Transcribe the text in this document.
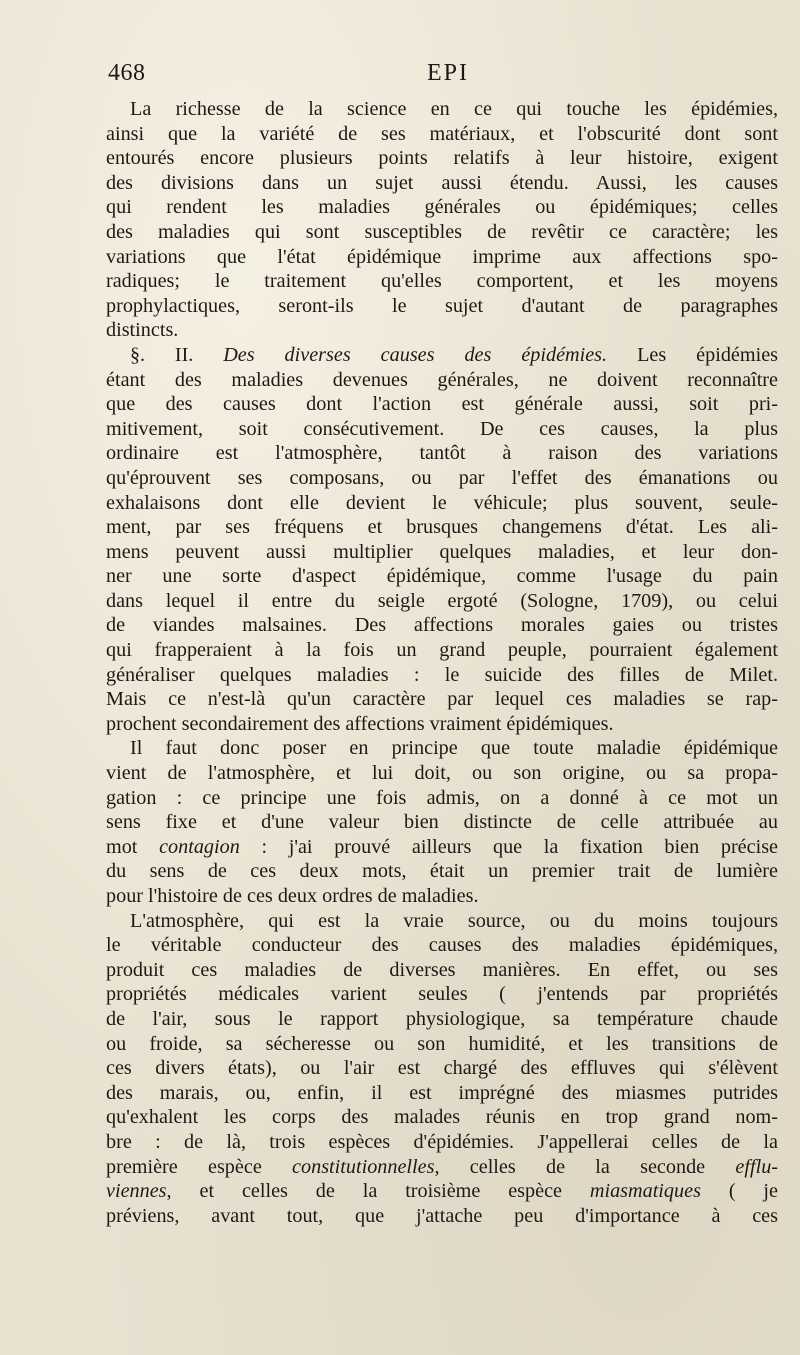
468	EPI
La richesse de la science en ce qui touche les épidémies,
ainsi que la variété de ses matériaux, et l'obscurité dont sont
entourés encore plusieurs points relatifs à leur histoire, exigent
des divisions dans un sujet aussi étendu. Aussi, les causes
qui rendent les maladies générales ou épidémiques; celles
des maladies qui sont susceptibles de revêtir ce caractère; les
variations que l'état épidémique imprime aux affections spo-
radiques; le traitement qu'elles comportent, et les moyens
prophylactiques, seront-ils le sujet d'autant de paragraphes
distincts.
§. II. Des diverses causes des épidémies. Les épidémies
étant des maladies devenues générales, ne doivent reconnaître
que des causes dont l'action est générale aussi, soit pri-
mitivement, soit consécutivement. De ces causes, la plus
ordinaire est l'atmosphère, tantôt à raison des variations
qu'éprouvent ses composans, ou par l'effet des émanations ou
exhalaisons dont elle devient le véhicule; plus souvent, seule-
ment, par ses fréquens et brusques changemens d'état. Les ali-
mens peuvent aussi multiplier quelques maladies, et leur don-
ner une sorte d'aspect épidémique, comme l'usage du pain
dans lequel il entre du seigle ergoté (Sologne, 1709), ou celui
de viandes malsaines. Des affections morales gaies ou tristes
qui frapperaient à la fois un grand peuple, pourraient également
généraliser quelques maladies : le suicide des filles de Milet.
Mais ce n'est-là qu'un caractère par lequel ces maladies se rap-
prochent secondairement des affections vraiment épidémiques.
Il faut donc poser en principe que toute maladie épidémique
vient de l'atmosphère, et lui doit, ou son origine, ou sa propa-
gation : ce principe une fois admis, on a donné à ce mot un
sens fixe et d'une valeur bien distincte de celle attribuée au
mot contagion : j'ai prouvé ailleurs que la fixation bien précise
du sens de ces deux mots, était un premier trait de lumière
pour l'histoire de ces deux ordres de maladies.
L'atmosphère, qui est la vraie source, ou du moins toujours
le véritable conducteur des causes des maladies épidémiques,
produit ces maladies de diverses manières. En effet, ou ses
propriétés médicales varient seules ( j'entends par propriétés
de l'air, sous le rapport physiologique, sa température chaude
ou froide, sa sécheresse ou son humidité, et les transitions de
ces divers états), ou l'air est chargé des effluves qui s'élèvent
des marais, ou, enfin, il est imprégné des miasmes putrides
qu'exhalent les corps des malades réunis en trop grand nom-
bre : de là, trois espèces d'épidémies. J'appellerai celles de la
première espèce constitutionnelles, celles de la seconde efflu-
viennes, et celles de la troisième espèce miasmatiques ( je
préviens, avant tout, que j'attache peu d'importance à ces
